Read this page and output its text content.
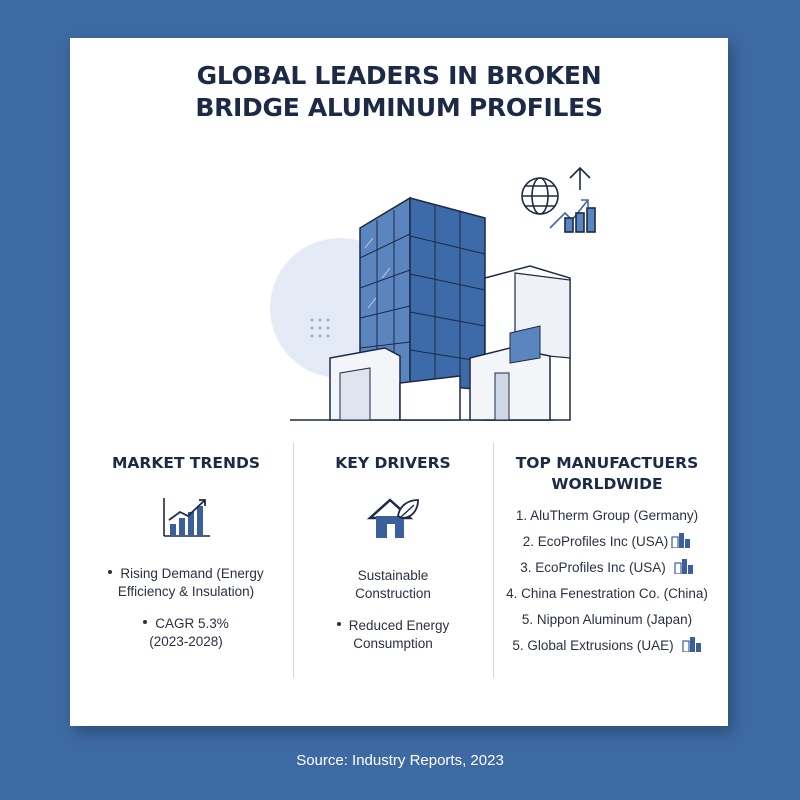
GLOBAL LEADERS IN BROKEN
BRIDGE ALUMINUM PROFILES
MARKET TRENDS
Rising Demand (Energy
Efficiency & Insulation)
CAGR 5.3%
(2023-2028)
KEY DRIVERS
Sustainable
Construction
Reduced Energy
Consumption
TOP MANUFACTUERS
WORLDWIDE
1. AluTherm Group (Germany)
2. EcoProfiles Inc (USA)
3. EcoProfiles Inc (USA)
4. China Fenestration Co. (China)
5. Nippon Aluminum (Japan)
5. Global Extrusions (UAE)
Source: Industry Reports, 2023
